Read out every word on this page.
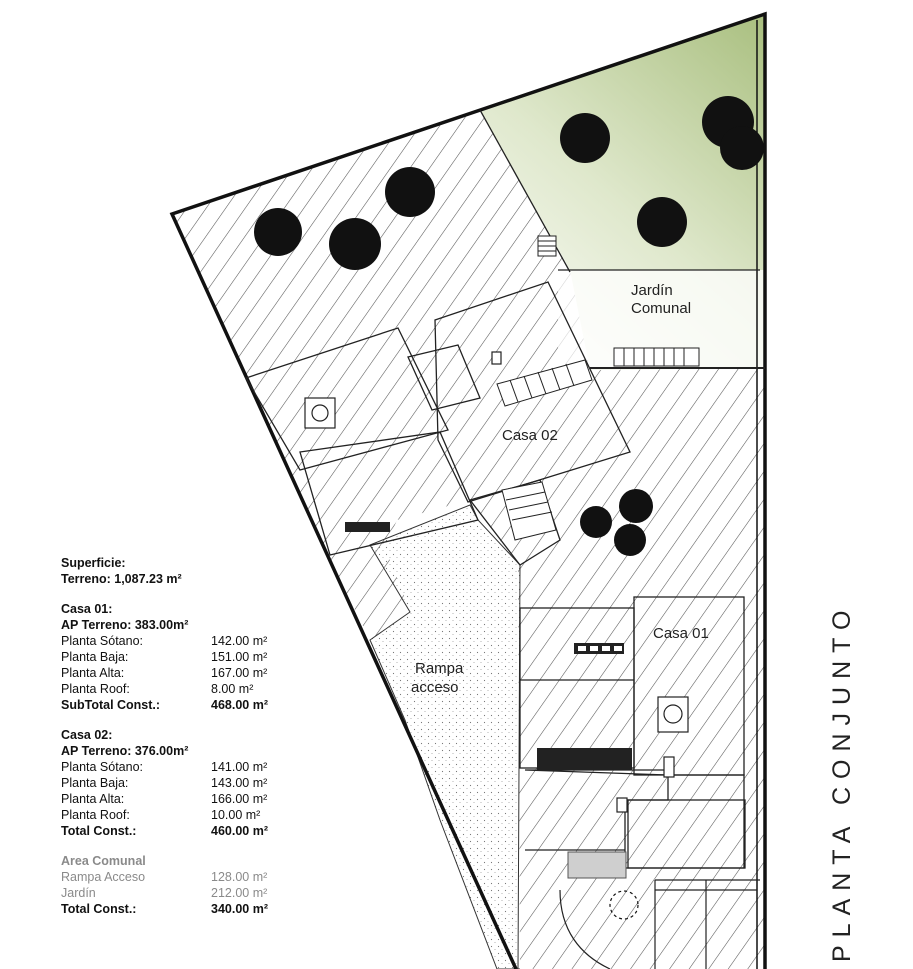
Jardín
Comunal
Casa 02
Casa 01
Rampa
acceso	PLANTA CONJUNTO
Superficie:
Terreno: 1,087.23 m²
Casa 01:
AP Terreno: 383.00m²
Planta Sótano:	142.00 m²
Planta Baja:	151.00 m²
Planta Alta:	167.00 m²
Planta Roof:	8.00 m²
SubTotal Const.:	468.00 m²
Casa 02:
AP Terreno: 376.00m²
Planta Sótano:	141.00 m²
Planta Baja:	143.00 m²
Planta Alta:	166.00 m²
Planta Roof:	10.00 m²
Total Const.:	460.00 m²
Area Comunal
Rampa Acceso	128.00 m²
Jardín	212.00 m²
Total Const.:	340.00 m²
